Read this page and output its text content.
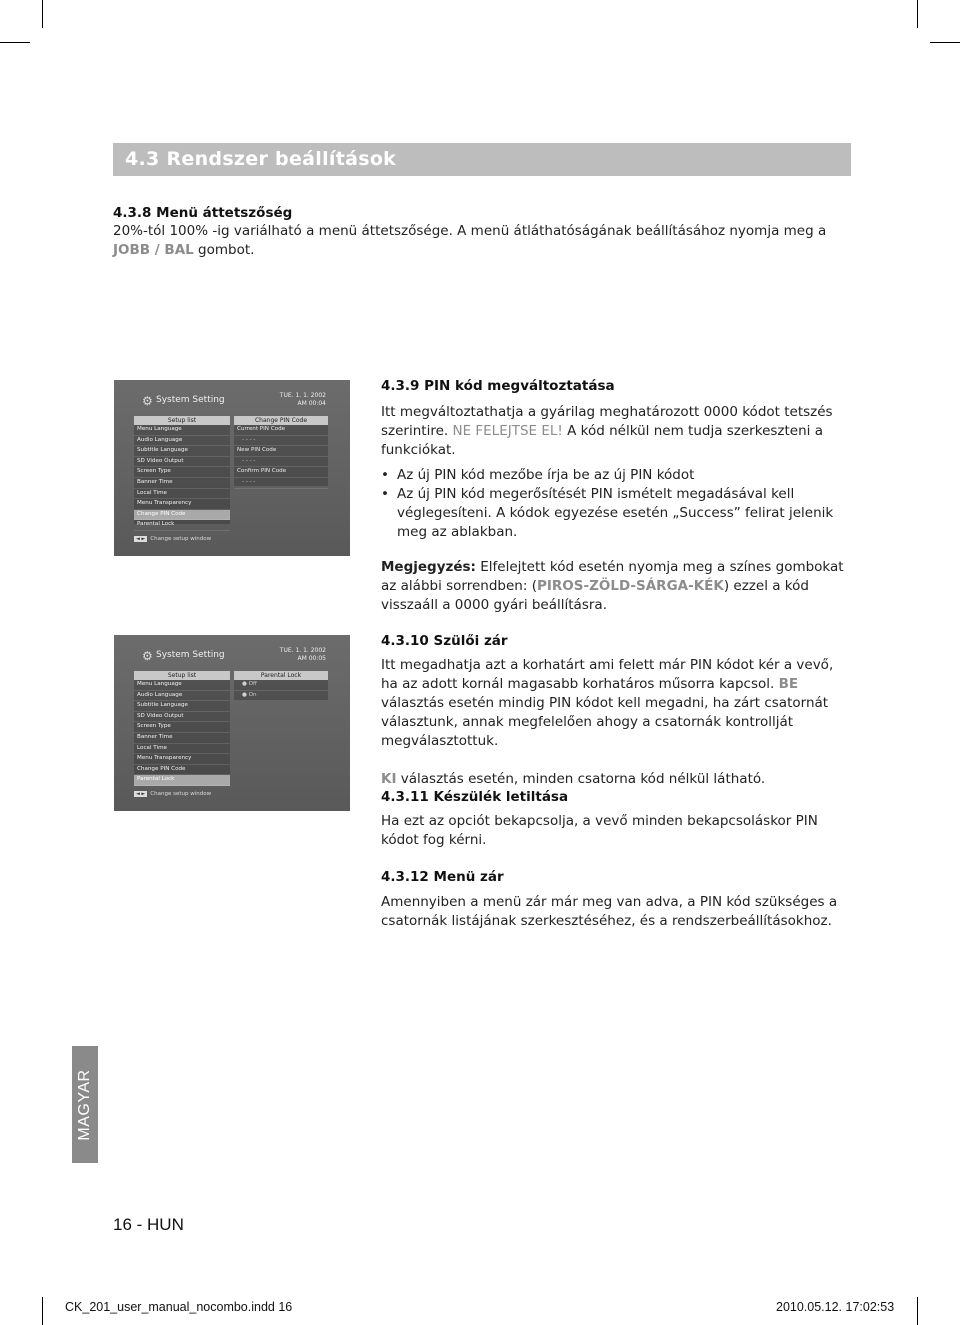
4.3 Rendszer beállítások
4.3.8 Menü áttetszőség

20%-tól 100% -ig variálható a menü áttetszősége. A menü átláthatóságának beállításához nyomja meg a

JOBB / BAL gombot.

⚙ System Setting	TUE. 1. 1. 2002
AM 00:04
Setup list
Menu Language
Audio Language
Subtitle Language
SD Video Output
Screen Type
Banner Time
Local Time
Menu Transparency
Change PIN Code
Parental Lock
Change PIN Code
Current PIN Code
- - - -
New PIN Code
- - - -
Confirm PIN Code
- - - -
◄ ► Change setup window
4.3.9 PIN kód megváltoztatása

Itt megváltoztathatja a gyárilag meghatározott 0000 kódot tetszés szerintire. NE FELEJTSE EL! A kód nélkül nem tudja szerkeszteni a funkciókat.

• Az új PIN kód mezőbe írja be az új PIN kódot
• Az új PIN kód megerősítését PIN ismételt megadásával kell véglegesíteni. A kódok egyezése esetén „Success” felirat jelenik meg az ablakban.

Megjegyzés: Elfelejtett kód esetén nyomja meg a színes gombokat az alábbi sorrendben: (PIROS-ZÖLD-SÁRGA-KÉK) ezzel a kód visszaáll a 0000 gyári beállításra.

⚙ System Setting	TUE. 1. 1. 2002
AM 00:05
Setup list
Menu Language
Audio Language
Subtitle Language
SD Video Output
Screen Type
Banner Time
Local Time
Menu Transparency
Change PIN Code
Parental Lock
Parental Lock
● Off
● On
◄ ► Change setup window
4.3.10 Szülői zár

Itt megadhatja azt a korhatárt ami felett már PIN kódot kér a vevő, ha az adott kornál magasabb korhatáros műsorra kapcsol. BE választás esetén mindig PIN kódot kell megadni, ha zárt csatornát választunk, annak megfelelően ahogy a csatornák kontrollját megválasztottuk.

KI választás esetén, minden csatorna kód nélkül látható.

4.3.11 Készülék letiltása
Ha ezt az opciót bekapcsolja, a vevő minden bekapcsoláskor PIN kódot fog kérni.
4.3.12 Menü zár
Amennyiben a menü zár már meg van adva, a PIN kód szükséges a csatornák listájának szerkesztéséhez, és a rendszerbeállításokhoz.
MAGYAR
16 - HUN
CK_201_user_manual_nocombo.indd 16	2010.05.12. 17:02:53
